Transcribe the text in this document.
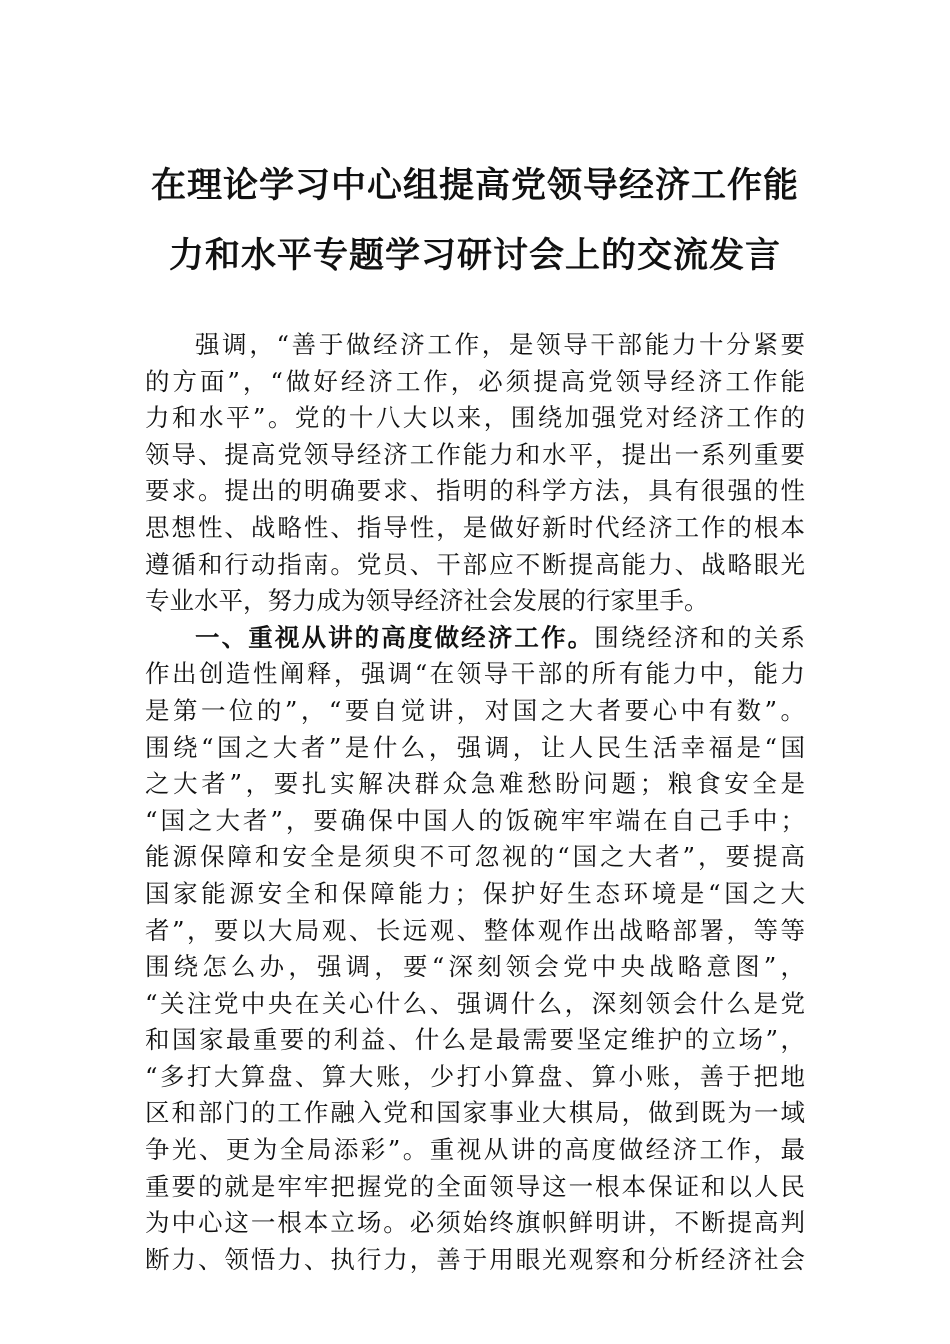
在理论学习中心组提高党领导经济工作能
力和水平专题学习研讨会上的交流发言
强调，“善于做经济工作，是领导干部能力十分紧要
的方面”，“做好经济工作，必须提高党领导经济工作能
力和水平”。党的十八大以来，围绕加强党对经济工作的
领导、提高党领导经济工作能力和水平，提出一系列重要
要求。提出的明确要求、指明的科学方法，具有很强的性
思想性、战略性、指导性，是做好新时代经济工作的根本
遵循和行动指南。党员、干部应不断提高能力、战略眼光
专业水平，努力成为领导经济社会发展的行家里手。
一、重视从讲的高度做经济工作。围绕经济和的关系
作出创造性阐释，强调“在领导干部的所有能力中，能力
是第一位的”，“要自觉讲，对国之大者要心中有数”。
围绕“国之大者”是什么，强调，让人民生活幸福是“国
之大者”，要扎实解决群众急难愁盼问题；粮食安全是
“国之大者”，要确保中国人的饭碗牢牢端在自己手中；
能源保障和安全是须臾不可忽视的“国之大者”，要提高
国家能源安全和保障能力；保护好生态环境是“国之大
者”，要以大局观、长远观、整体观作出战略部署，等等
围绕怎么办，强调，要“深刻领会党中央战略意图”，
“关注党中央在关心什么、强调什么，深刻领会什么是党
和国家最重要的利益、什么是最需要坚定维护的立场”，
“多打大算盘、算大账，少打小算盘、算小账，善于把地
区和部门的工作融入党和国家事业大棋局，做到既为一域
争光、更为全局添彩”。重视从讲的高度做经济工作，最
重要的就是牢牢把握党的全面领导这一根本保证和以人民
为中心这一根本立场。必须始终旗帜鲜明讲，不断提高判
断力、领悟力、执行力，善于用眼光观察和分析经济社会
